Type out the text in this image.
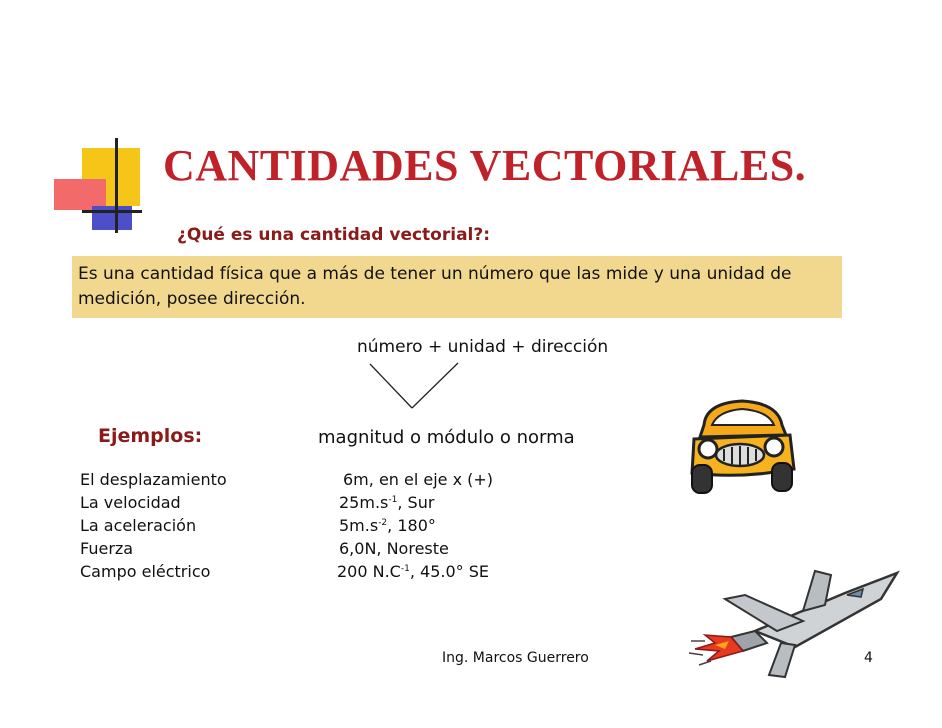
CANTIDADES VECTORIALES.
¿Qué es una cantidad vectorial?:
Es una cantidad física que a más de tener un número que las mide y una unidad de medición, posee dirección.
número + unidad + dirección
Ejemplos:	magnitud o módulo o norma
El desplazamiento	6m, en el eje x (+)
La velocidad	$25m.s^{-1}$, Sur
La aceleración	$5m.s^{-2}$, 180°
Fuerza	6,0N, Noreste
Campo eléctrico	200 $N.C^{-1}$, 45.0° SE
Ing. Marcos Guerrero	4
